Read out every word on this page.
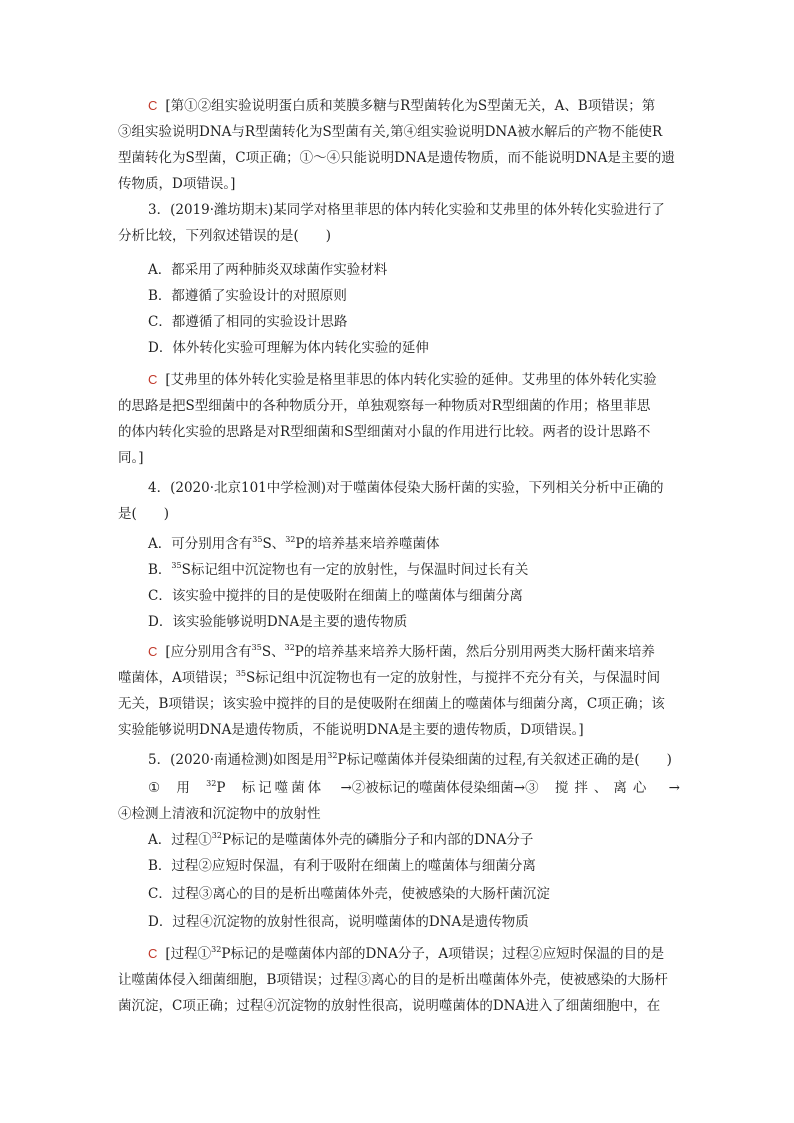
C [第①②组实验说明蛋白质和荚膜多糖与R型菌转化为S型菌无关，A、B项错误；第
③组实验说明DNA与R型菌转化为S型菌有关,第④组实验说明DNA被水解后的产物不能使R
型菌转化为S型菌，C项正确；①～④只能说明DNA是遗传物质，而不能说明DNA是主要的遗
传物质，D项错误。]
3．(2019·潍坊期末)某同学对格里菲思的体内转化实验和艾弗里的体外转化实验进行了
分析比较，下列叙述错误的是(　　)
A．都采用了两种肺炎双球菌作实验材料
B．都遵循了实验设计的对照原则
C．都遵循了相同的实验设计思路
D．体外转化实验可理解为体内转化实验的延伸
C [艾弗里的体外转化实验是格里菲思的体内转化实验的延伸。艾弗里的体外转化实验
的思路是把S型细菌中的各种物质分开，单独观察每一种物质对R型细菌的作用；格里菲思
的体内转化实验的思路是对R型细菌和S型细菌对小鼠的作用进行比较。两者的设计思路不
同。]
4．(2020·北京101中学检测)对于噬菌体侵染大肠杆菌的实验，下列相关分析中正确的
是(　　)
A．可分别用含有$^{35}$S、$^{32}$P的培养基来培养噬菌体
B．$^{35}$S标记组中沉淀物也有一定的放射性，与保温时间过长有关
C．该实验中搅拌的目的是使吸附在细菌上的噬菌体与细菌分离
D．该实验能够说明DNA是主要的遗传物质
C [应分别用含有$^{35}$S、$^{32}$P的培养基来培养大肠杆菌，然后分别用两类大肠杆菌来培养
噬菌体，A项错误；$^{35}$S标记组中沉淀物也有一定的放射性，与搅拌不充分有关，与保温时间
无关，B项错误；该实验中搅拌的目的是使吸附在细菌上的噬菌体与细菌分离，C项正确；该
实验能够说明DNA是遗传物质，不能说明DNA是主要的遗传物质，D项错误。]
5．(2020·南通检测)如图是用$^{32}$P标记噬菌体并侵染细菌的过程,有关叙述正确的是(　　)
① 用 $^{32}$P 标记噬菌体 →②被标记的噬菌体侵染细菌→③ 搅拌、离心 →
④检测上清液和沉淀物中的放射性
A．过程①$^{32}$P标记的是噬菌体外壳的磷脂分子和内部的DNA分子
B．过程②应短时保温，有利于吸附在细菌上的噬菌体与细菌分离
C．过程③离心的目的是析出噬菌体外壳，使被感染的大肠杆菌沉淀
D．过程④沉淀物的放射性很高，说明噬菌体的DNA是遗传物质
C [过程①$^{32}$P标记的是噬菌体内部的DNA分子，A项错误；过程②应短时保温的目的是
让噬菌体侵入细菌细胞，B项错误；过程③离心的目的是析出噬菌体外壳，使被感染的大肠杆
菌沉淀，C项正确；过程④沉淀物的放射性很高，说明噬菌体的DNA进入了细菌细胞中，在
